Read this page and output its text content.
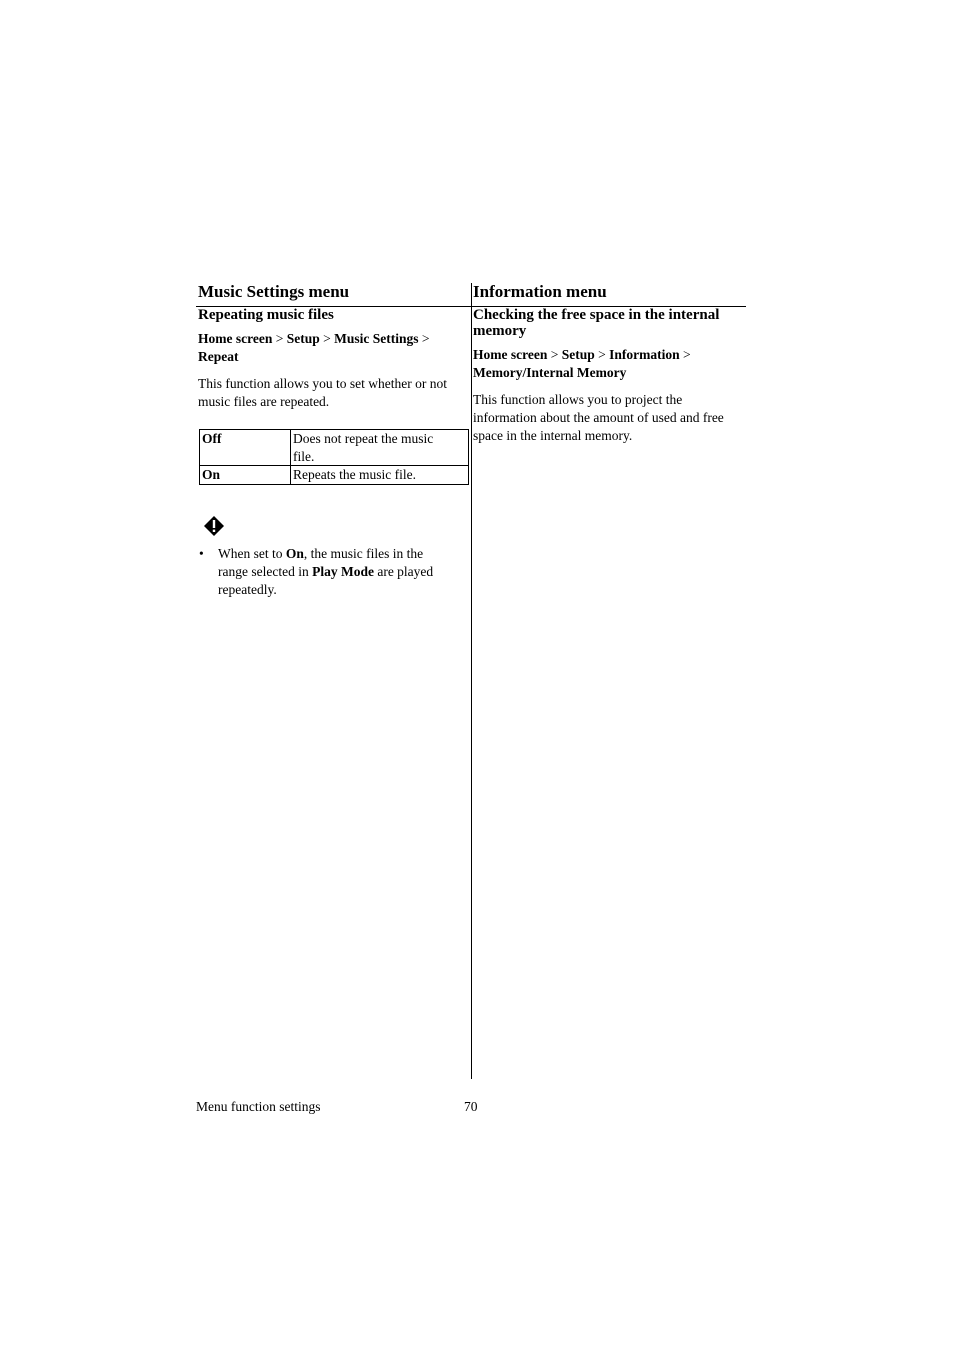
Music Settings menu
Repeating music files
Home screen > Setup > Music Settings >
Repeat
This function allows you to set whether or not
music files are repeated.
Off	Does not repeat the music
file.
On	Repeats the music file.
• When set to On, the music files in the
range selected in Play Mode are played
repeatedly.
Information menu
Checking the free space in the internal
memory
Home screen > Setup > Information >
Memory/Internal Memory
This function allows you to project the
information about the amount of used and free
space in the internal memory.
Menu function settings	70
